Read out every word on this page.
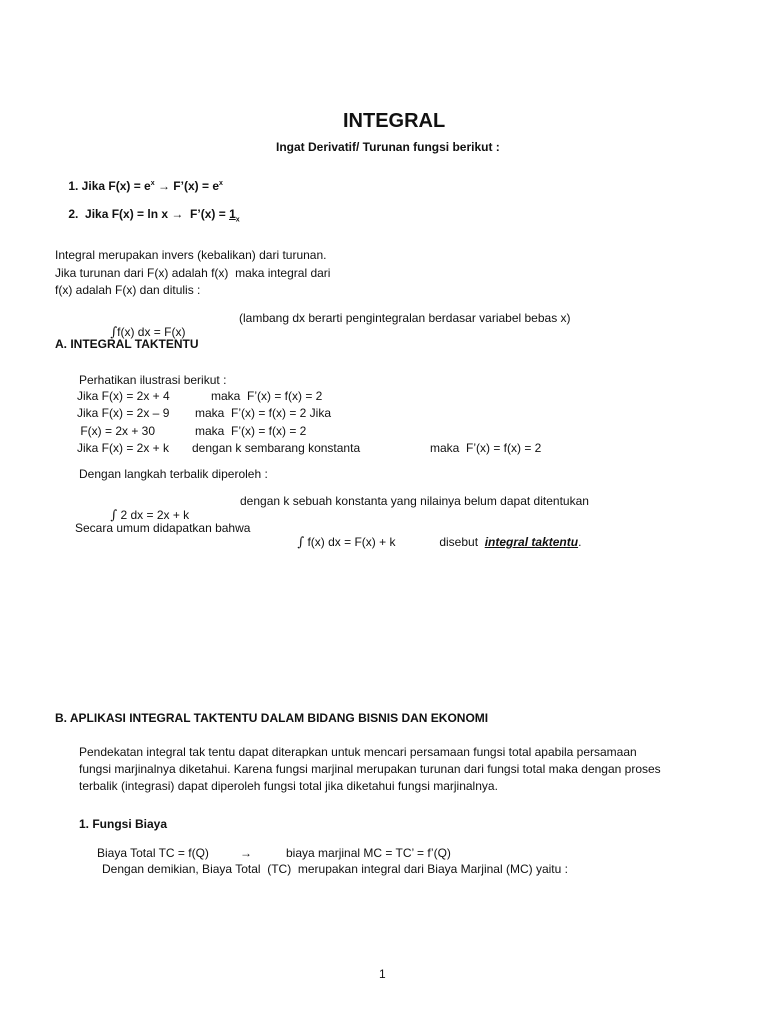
INTEGRAL
Ingat Derivatif/ Turunan fungsi berikut :

1. Jika $F(x) = e^x$ → F’(x) = $e^x$

2.  Jika F(x) = ln x →  F’(x) = $1_x$

Integral merupakan invers (kebalikan) dari turunan.
Jika turunan dari F(x) adalah f(x)  maka integral dari
f(x) adalah F(x) dan ditulis :

∫f(x) dx = F(x)

(lambang dx berarti pengintegralan berdasar variabel bebas x)
A. INTEGRAL TAKTENTU
Perhatikan ilustrasi berikut :
Jika F(x) = 2x + 4	maka  F’(x) = f(x) = 2
Jika F(x) = 2x – 9 maka  F’(x) = f(x) = 2 Jika
F(x) = 2x + 30	maka  F’(x) = f(x) = 2
Jika F(x) = 2x + k dengan k sembarang konstanta	maka  F’(x) = f(x) = 2
Dengan langkah terbalik diperoleh :

∫ 2 dx = 2x + k

dengan k sebuah konstanta yang nilainya belum dapat ditentukan
Secara umum didapatkan bahwa

∫ f(x) dx = F(x) + k
	disebut integral taktentu.

B. APLIKASI INTEGRAL TAKTENTU DALAM BIDANG BISNIS DAN EKONOMI
Pendekatan integral tak tentu dapat diterapkan untuk mencari persamaan fungsi total apabila persamaan
fungsi marjinalnya diketahui. Karena fungsi marjinal merupakan turunan dari fungsi total maka dengan proses
terbalik (integrasi) dapat diperoleh fungsi total jika diketahui fungsi marjinalnya.
1. Fungsi Biaya
Biaya Total TC = f(Q)	→	biaya marjinal MC = TC’ = f’(Q)
Dengan demikian, Biaya Total  (TC)  merupakan integral dari Biaya Marjinal (MC) yaitu :
1
